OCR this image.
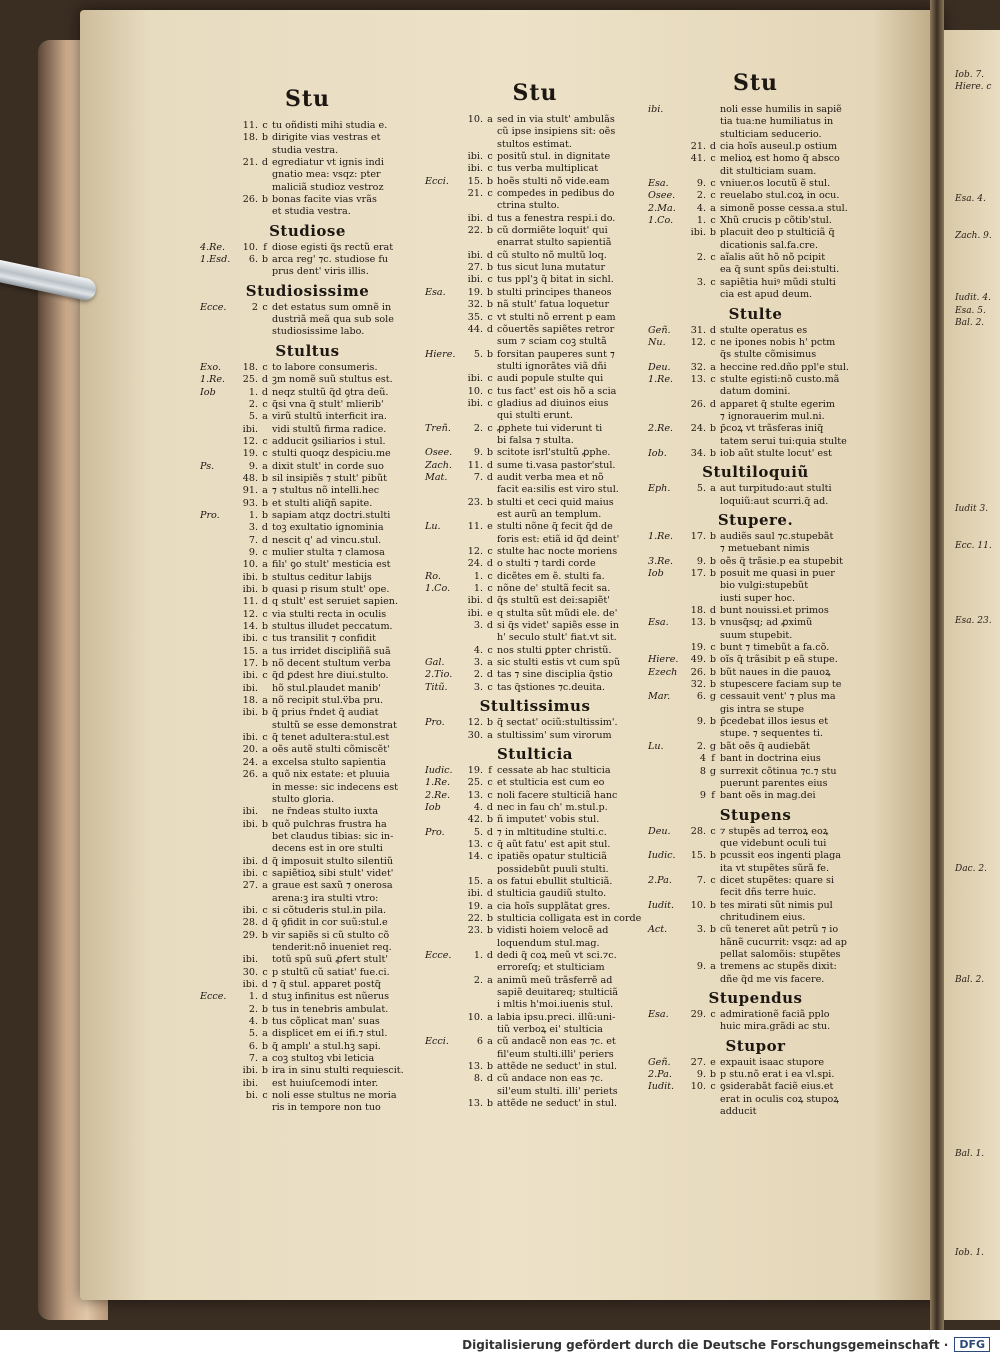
Iob. 7.
Hiere. c
Esa. 4.
Zach. 9.
Iudit. 4.
Esa. 5.
Bal. 2.
Iudit 3.
Ecc. 11.
Esa. 23.
Dac. 2.
Bal. 2.
Bal. 1.
Iob. 1.
Stu
11. c tu oñdisti mihi studia e.
18. b dirigite vias vestras et
studia vestra.
21. d egrediatur vt ignis indi
gnatio mea: vsqz: pter
maliciã studioz vestroz
26. b bonas facite vias vrãs
et studia vestra.
Studiose
4.Re.	10. f diose egisti q̃s rectũ erat
1.Esd.	6. b arca reg' ⁊c. studiose fu
prus dent' viris illis.
Studiosissime
Ecce.	2 c det estatus sum omnẽ in
dustriã meã qua sub sole
studiosissime labo.
Stultus
Exo.	18. c to labore consumeris.
1.Re.	25. d ꝫm nomẽ suũ stultus est.
Iob	1. d neqz stultũ q̃d ꝯtra deũ.
2. c q̃si vna q̃ stult' mlierib'
5. a virũ stultũ interficit ira.
ibi. vidi stultũ firma radice.
12. c adducit ꝯsiliarios i stul.
19. c stulti quoqz despiciu.me
Ps.	9. a dixit stult' in corde suo
48. b sil insipiẽs ⁊ stult' pibũt
91. a ⁊ stultus nõ intelli.hec
93. b et stulti aliq̃ñ sapite.
Pro.	1. b sapiam atqz doctri.stulti
3. d toꝫ exultatio ignominia
7. d nescit q' ad vincu.stul.
9. c mulier stulta ⁊ clamosa
10. a filı' ꝯo stult' mesticia est
ibi. b stultus ceditur labijs
ibi. b quasi p risum stult' ope.
11. d q stult' est seruiet sapien.
12. c via stulti recta in oculis
14. b stultus illudet peccatum.
ibi. c tus transilit ⁊ confidit
15. a tus irridet discipliñã suã
17. b nõ decent stultum verba
ibi. c q̃d ꝑdest h̃re diui.stulto.
ibi. hõ stul.plaudet manib'
18. a nõ recipit stul.v̈ba pru.
ibi. b q̃ prius r̃ndet q̃ audiat
stultũ se esse demonstrat
ibi. c q̃ tenet adultera:stul.est
20. a oẽs autẽ stulti cõmiscẽt'
24. a excelsa stulto sapientia
26. a quõ nix estate: et pluuia
in messe: sic indecens est
stulto gloria.
ibi. ne r̃ndeas stulto iuxta
ibi. b quõ pulchras frustra ha
bet claudus tibias: sic in-
decens est in ore stulti
ibi. d q̃ imposuit stulto silentiũ
ibi. c sapiẽtioꝝ sibi stult' videt'
27. a graue est saxũ ⁊ onerosa
arena:ꝫ ira stulti vtro:
ibi. c si cõtuderis stul.in pila.
28. d q̃ ꝯfidit in cor suũ:stul.e
29. b vir sapiẽs si cũ stulto cõ
tenderit:nõ inueniet req.
ibi. totũ spũ suũ ꝓfert stult'
30. c p stultũ cũ satiat' fue.ci.
ibi. d ⁊ q̃ stul. apparet postq̃
Ecce.	1. d stuꝫ infinitus est nũerus
2. b tus in tenebris ambulat.
4. b tus cõplicat man' suas
5. a displicet em ei ifi.⁊ stul.
6. b q̃ amplı' a stul.hꝫ sapi.
7. a coꝫ stultoꝫ vbi leticia
ibi. b ira in sinu stulti requiescit.
ibi. est huiuſcemodi inter.
bi. c noli esse stultus ne moria
ris in tempore non tuo
Stu
10. a sed in via stult' ambulãs
cũ ipse insipiens sit: oẽs
stultos estimat.
ibi. c positũ stul. in dignitate
ibi. c tus verba multiplicat
Ecci.	15. b hoẽs stulti nõ vide.eam
21. c compedes in pedibus do
ctrina stulto.
ibi. d tus a fenestra respi.i do.
22. b cũ dormiẽte loquit' qui
enarrat stulto sapientiã
ibi. d cũ stulto nõ multũ loq.
27. b tus sicut luna mutatur
ibi. c tus ppl'ꝫ q̃ bitat in sichl.
Esa.	19. b stulti principes thaneos
32. b nã stult' fatua loquetur
35. c vt stulti nõ errent p eam
44. d cõuertẽs sapiẽtes retror
sum ⁊ sciam coꝫ stultã
Hiere.	5. b forsitan pauperes sunt ⁊
stulti ignorãtes viã dñi
ibi. c audi popule stulte qui
10. c tus fact' est ois hõ a scia
ibi. c gladius ad diuinos eius
qui stulti erunt.
Treñ.	2. c ꝓphete tui viderunt ti
bi falsa ⁊ stulta.
Osee.	9. b scitote isrl'stultũ ꝓphe.
Zach.	11. d sume ti.vasa pastor'stul.
Mat.	7. d audit verba mea et nõ
facit ea:silis est viro stul.
23. b stulti et ceci quid maius
est aurũ an templum.
Lu.	11. e stulti nõne q̃ fecit q̃d de
foris est: etiã id q̃d deint'
12. c stulte hac nocte moriens
24. d o stulti ⁊ tardi corde
Ro.	1. c dicẽtes em ẽ. stulti fa.
1.Co.	1. c nõne de' stultã fecit sa.
ibi. d q̃s stultũ est dei:sapiẽt'
ibi. e q stulta sũt mũdi ele. de'
3. d si q̃s videt' sapiẽs esse in
h' seculo stult' fiat.vt sit.
4. c nos stulti ꝑpter christũ.
Gal.	3. a sic stulti estis vt cum spũ
2.Tio.	2. d tas ⁊ sine disciplia q̃stio
Titũ.	3. c tas q̃stiones ⁊c.deuita.
Stultissimus
Pro.	12. b q̃ sectat' ociũ:stultissim'.
30. a stultissim' sum virorum
Stulticia
Iudic.	19. f cessate ab hac stulticia
1.Re.	25. c et stulticia est cum eo
2.Re.	13. c noli facere stulticiã hanc
Iob	4. d nec in fau ch' m.stul.p.
42. b ñ imputet' vobis stul.
Pro.	5. d ⁊ in mltitudine stulti.c.
13. c q̃ aũt fatu' est apit stul.
14. c ipatiẽs opatur stulticiã
possidebũt puuli stulti.
15. a os fatui ebullit stulticiã.
ibi. d stulticia gaudiũ stulto.
19. a cia hoĩs supplãtat gres.
22. b stulticia colligata est in corde
23. b vidisti hoiem velocẽ ad
loquendum stul.mag.
Ecce.	1. d dedi q̃ coꝝ meũ vt sci.⁊c.
erroreſq; et stulticiam
2. a animũ meũ trãsferrẽ ad
sapiẽ deuitareq; stulticiã
i mltis h'moi.iuenis stul.
10. a labia ipsu.preci. illũ:uni-
tiũ verboꝝ ei' stulticia
Ecci.	6 a cũ andacẽ non eas ⁊c. et
fil'eum stulti.illi' periers
13. b attẽde ne seduct' in stul.
8. d cũ andace non eas ⁊c.
sil'eum stulti. illi' periets
13. b attẽde ne seduct' in stul.
Stu
ibi.	noli esse humilis in sapiẽ
tia tua:ne humiliatus in
stulticiam seducerio.
21. d cia hoĩs auseul.p ostium
41. c melioꝝ est homo q̃ absco
dit stulticiam suam.
Esa.	9. c vniuer.os locutũ ẽ stul.
Osee.	2. c reuelabo stul.coꝝ in ocu.
2.Ma.	4. a simonẽ posse cessa.a stul.
1.Co.	1. c Xhũ crucis p cõtib'stul.
ibi. b placuit deo p stulticiã q̃
dicationis sal.fa.cre.
2. c aĩalis aũt hõ nõ pcipit
ea q̃ sunt spũs dei:stulti.
3. c sapiẽtia huiꝰ mũdi stulti
cia est apud deum.
Stulte
Geñ.	31. d stulte operatus es
Nu.	12. c ne ipones nobis h' pctm
q̃s stulte cõmisimus
Deu.	32. a heccine red.dño ppl'e stul.
1.Re.	13. c stulte egisti:nõ custo.mã
datum domini.
26. d apparet q̃ stulte egerim
⁊ ignorauerim mul.ni.
2.Re.	24. b p̃coꝝ vt trãsferas iniq̃
tatem serui tui:quia stulte
Iob.	34. b iob aũt stulte locut' est
Stultiloquiũ
Eph.	5. a aut turpitudo:aut stulti
loquiũ:aut scurri.q̃ ad.
Stupere.
1.Re.	17. b audiẽs saul ⁊c.stupebãt
⁊ metuebant nimis
3.Re.	9. b oẽs q̃ trãsie.p ea stupebit
Iob	17. b posuit me quasi in puer
bio vulgi:stupebũt
iusti super hoc.
18. d bunt nouissi.et primos
Esa.	13. b vnusq̃sq; ad ꝓximũ
suum stupebit.
19. c bunt ⁊ timebũt a fa.cõ.
Hiere.	49. b oĩs q̃ trãsibit p eã stupe.
Ezech	26. b bũt naues in die pauoꝝ
32. b stupescere faciam sup te
Mar.	6. g cessauit vent' ⁊ plus ma
gis intra se stupe
9. b p̃cedebat illos iesus et
stupe. ⁊ sequentes ti.
Lu.	2. g bãt oẽs q̃ audiebãt
4 f bant in doctrina eius
8 g surrexit cõtinua ⁊c.⁊ stu
puerunt parentes eius
9 f bant oẽs in mag.dei
Stupens
Deu.	28. c ⁊ stupẽs ad terroꝝ eoꝝ
que videbunt oculi tui
Iudic.	15. b pcussit eos ingenti plaga
ita vt stupẽtes sũrã fe.
2.Pa.	7. c dicet stupẽtes: quare si
fecit dñs terre huic.
Iudit.	10. b tes mirati sũt nimis pul
chritudinem eius.
Act.	3. b cũ teneret aũt petrũ ⁊ io
hãnẽ cucurrit: vsqz: ad ap
pellat salomõis: stupẽtes
9. a tremens ac stupẽs dixit:
dñe q̃d me vis facere.
Stupendus
Esa.	29. c admirationẽ faciã pplo
huic mira.grãdi ac stu.
Stupor
Geñ.	27. e expauit isaac stupore
2.Pa.	9. b p stu.nõ erat i ea vl.spi.
Iudit.	10. c ꝯsiderabãt faciẽ eius.et
erat in oculis coꝝ stupoꝝ
adducit
Digitalisierung gefördert durch die Deutsche Forschungsgemeinschaft ·	DFG
